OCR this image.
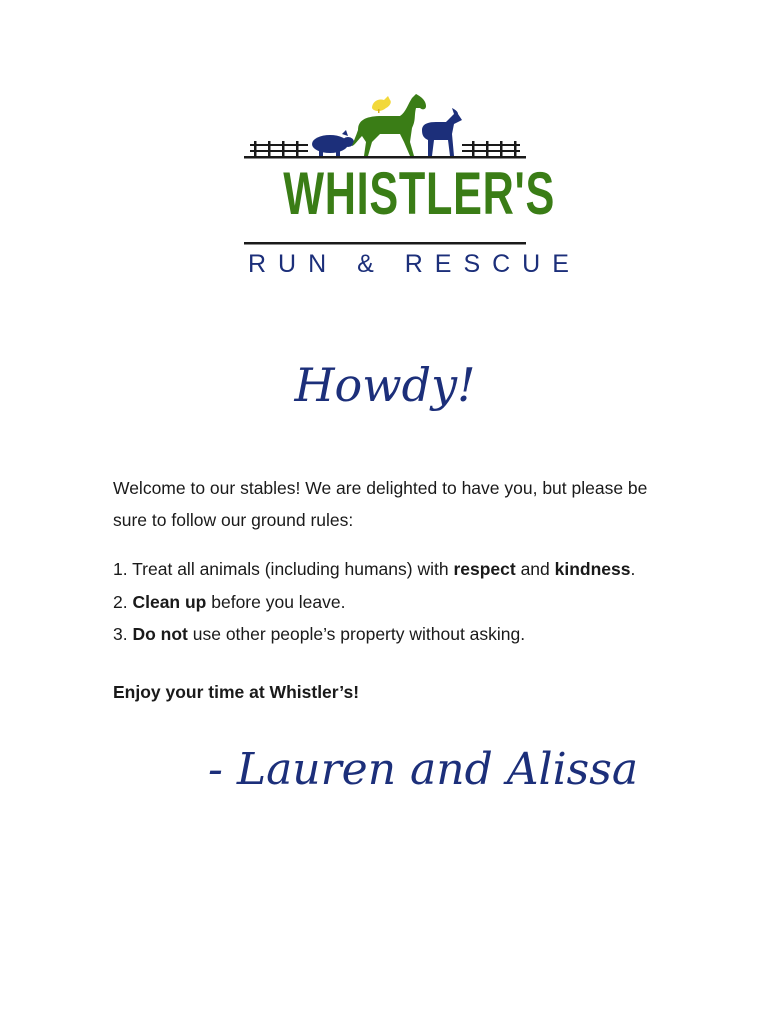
WHISTLER'S
RUN & RESCUE
Howdy!
Welcome to our stables! We are delighted to have you, but please be sure to follow our ground rules:
1. Treat all animals (including humans) with respect and kindness.
2. Clean up before you leave.
3. Do not use other people’s property without asking.
Enjoy your time at Whistler’s!
- Lauren and Alissa
